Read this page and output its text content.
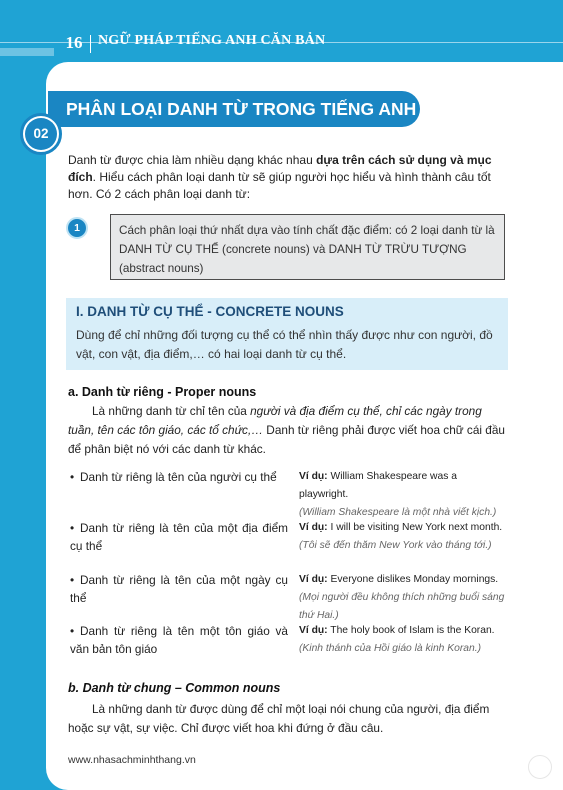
16 NGỮ PHÁP TIẾNG ANH CĂN BẢN
PHÂN LOẠI DANH TỪ TRONG TIẾNG ANH
02
Danh từ được chia làm nhiều dạng khác nhau dựa trên cách sử dụng và mục đích. Hiểu cách phân loại danh từ sẽ giúp người học hiểu và hình thành câu tốt hơn. Có 2 cách phân loại danh từ:
1	Cách phân loại thứ nhất dựa vào tính chất đặc điểm: có 2 loại danh từ là DANH TỪ CỤ THỂ (concrete nouns) và DANH TỪ TRỪU TƯỢNG (abstract nouns)
I. DANH TỪ CỤ THỂ - CONCRETE NOUNS
Dùng để chỉ những đối tượng cụ thể có thể nhìn thấy được như con người, đồ vật, con vật, địa điểm,… có hai loại danh từ cụ thể.
a. Danh từ riêng - Proper nouns
Là những danh từ chỉ tên của người và địa điểm cụ thể, chỉ các ngày trong tuần, tên các tôn giáo, các tổ chức,… Danh từ riêng phải được viết hoa chữ cái đầu để phân biệt nó với các danh từ khác.
• Danh từ riêng là tên của người cụ thể	Ví dụ: William Shakespeare was a playwright.
(William Shakespeare là một nhà viết kịch.)
• Danh từ riêng là tên của một địa điểm cụ thể
Ví dụ: I will be visiting New York next month.
(Tôi sẽ đến thăm New York vào tháng tới.)
• Danh từ riêng là tên của một ngày cụ thể
Ví dụ: Everyone dislikes Monday mornings. (Mọi người đều không thích những buổi sáng thứ Hai.)
• Danh từ riêng là tên một tôn giáo và văn bản tôn giáo
Ví dụ: The holy book of Islam is the Koran. (Kinh thánh của Hồi giáo là kinh Koran.)
b. Danh từ chung – Common nouns
Là những danh từ được dùng để chỉ một loại nói chung của người, địa điểm hoặc sự vật, sự việc. Chỉ được viết hoa khi đứng ở đầu câu.
www.nhasachminhthang.vn
